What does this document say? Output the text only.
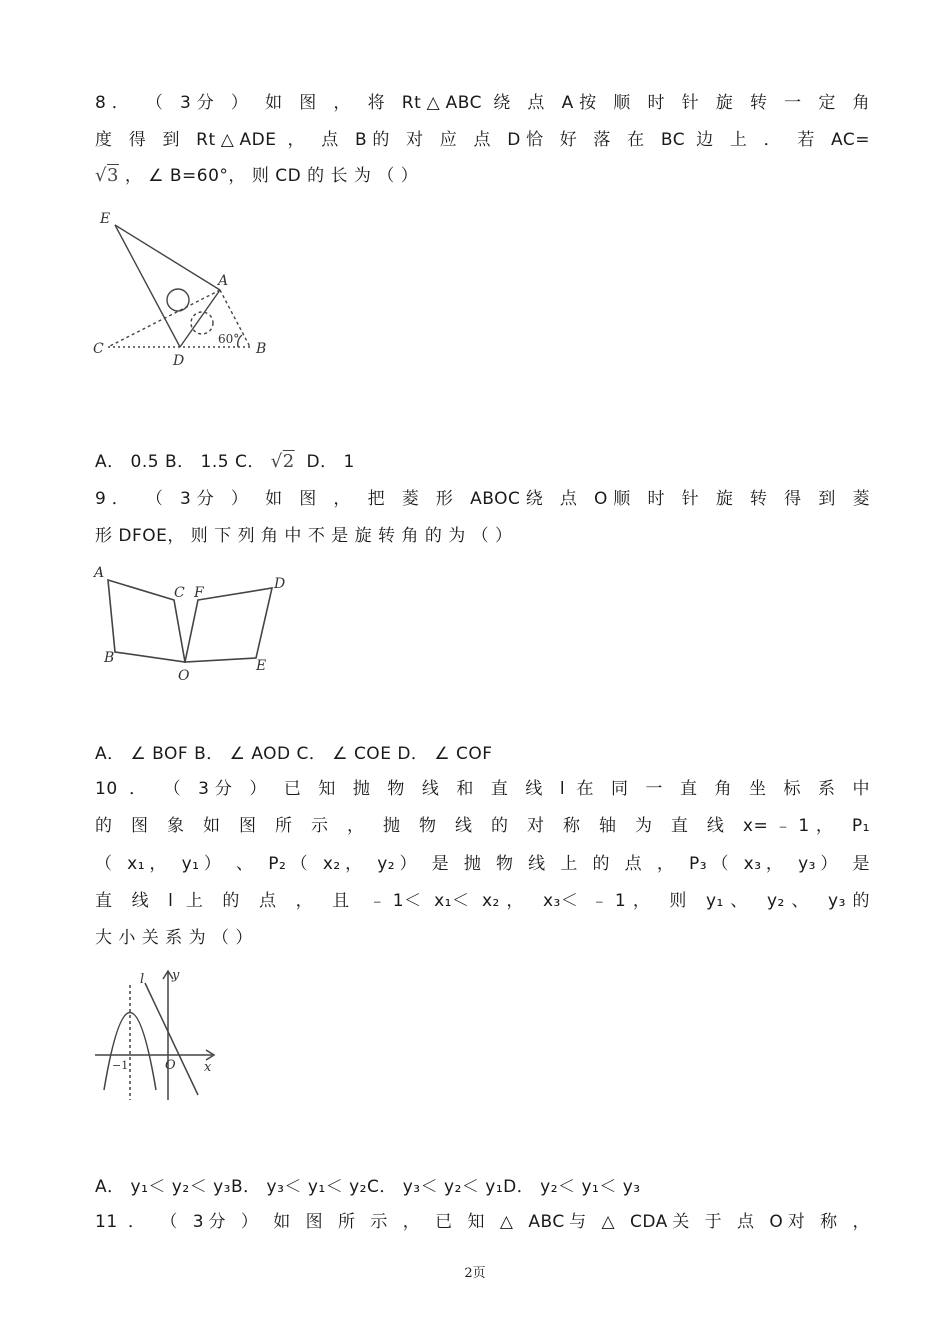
8． （ 3分 ） 如 图 ， 将 Rt△ABC 绕 点 A按 顺 时 针 旋 转 一 定 角
度 得 到 Rt△ADE ， 点 B的 对 应 点 D恰 好 落 在 BC 边 上 ． 若 AC=
√3 ， ∠ B=60°， 则 CD 的 长 为 （ ）
E
A
C
D
B
60°
A． 0.5 B． 1.5 C． √2 D． 1
9． （ 3分 ） 如 图 ， 把 菱 形 ABOC绕 点 O顺 时 针 旋 转 得 到 菱
形 DFOE， 则 下 列 角 中 不 是 旋 转 角 的 为 （ ）
A
C F
D
B
O
E
A． ∠ BOF B． ∠ AOD C． ∠ COE D． ∠ COF
10 ． （ 3分 ） 已 知 抛 物 线 和 直 线 l 在 同 一 直 角 坐 标 系 中
的 图 象 如 图 所 示 ， 抛 物 线 的 对 称 轴 为 直 线 x=﹣1， P₁
（ x₁， y₁） 、 P₂（ x₂， y₂） 是 抛 物 线 上 的 点 ， P₃（ x₃， y₃） 是
直 线 l 上 的 点 ， 且 ﹣1＜ x₁＜ x₂， x₃＜ ﹣1， 则 y₁、 y₂、 y₃的
大 小 关 系 为 （ ）
l y
−1	O x
A． y₁＜ y₂＜ y₃B． y₃＜ y₁＜ y₂C． y₃＜ y₂＜ y₁D． y₂＜ y₁＜ y₃
11 ． （ 3分 ） 如 图 所 示 ， 已 知 △ ABC与 △ CDA关 于 点 O对 称 ，
2页
